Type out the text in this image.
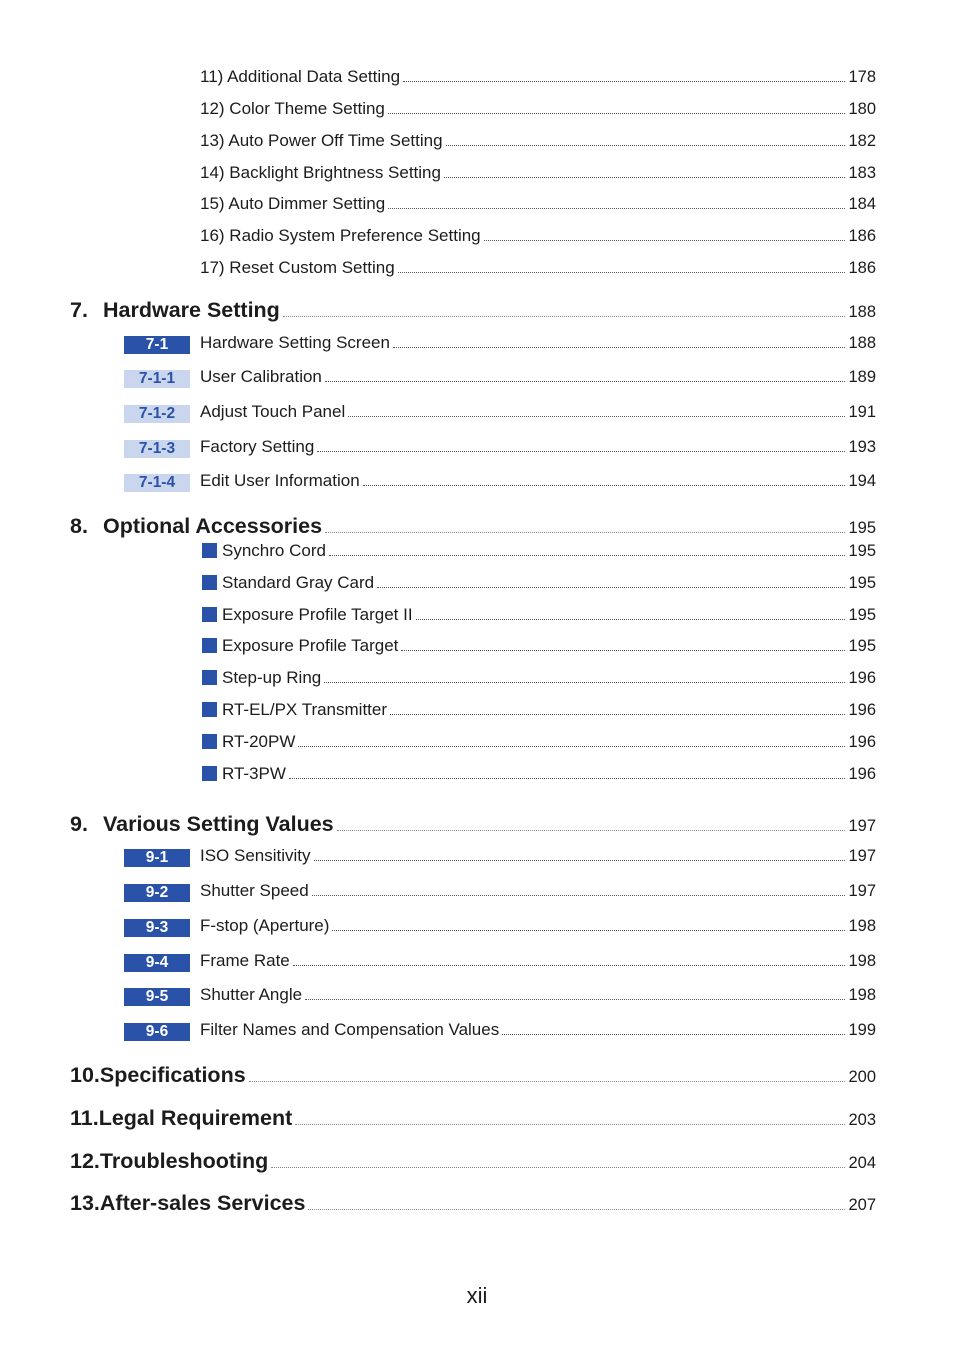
11) Additional Data Setting	178
12) Color Theme Setting	180
13) Auto Power Off Time Setting	182
14) Backlight Brightness Setting	183
15) Auto Dimmer Setting	184
16) Radio System Preference Setting	186
17) Reset Custom Setting	186
7. Hardware Setting	188
7-1	Hardware Setting Screen	188
7-1-1	User Calibration	189
7-1-2	Adjust Touch Panel	191
7-1-3	Factory Setting	193
7-1-4	Edit User Information	194
8. Optional Accessories	195
Synchro Cord	195
Standard Gray Card	195
Exposure Profile Target II	195
Exposure Profile Target	195
Step-up Ring	196
RT-EL/PX Transmitter	196
RT-20PW	196
RT-3PW	196
9. Various Setting Values	197
9-1	ISO Sensitivity	197
9-2	Shutter Speed	197
9-3	F-stop (Aperture)	198
9-4	Frame Rate	198
9-5	Shutter Angle	198
9-6	Filter Names and Compensation Values	199
10.Specifications	200
11.Legal Requirement	203
12.Troubleshooting	204
13.After-sales Services	207
xii
